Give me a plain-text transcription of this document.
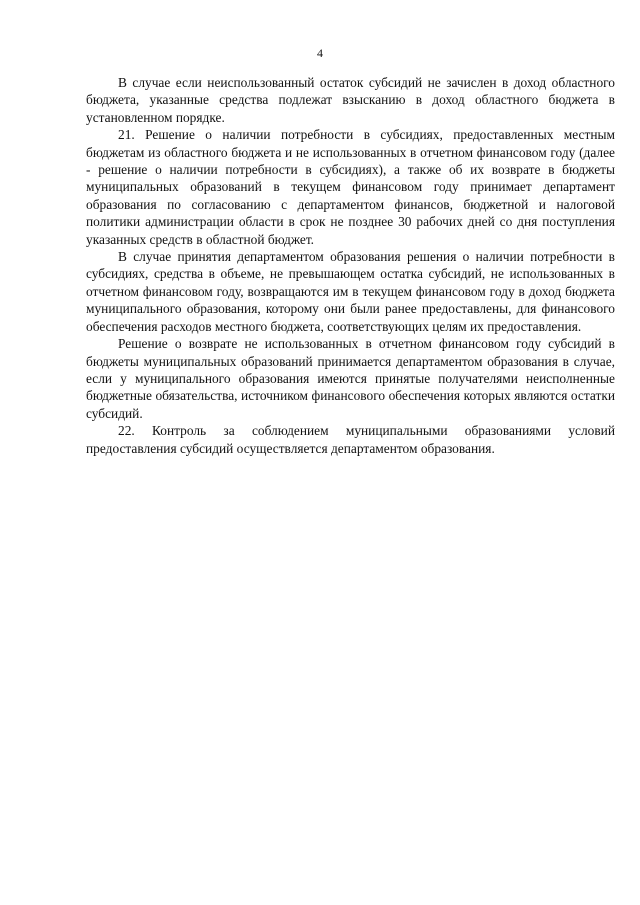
4

В случае если неиспользованный остаток субсидий не зачислен в доход областного бюджета, указанные средства подлежат взысканию в доход областного бюджета в установленном порядке.

21. Решение о наличии потребности в субсидиях, предоставленных местным бюджетам из областного бюджета и не использованных в отчетном финансовом году (далее - решение о наличии потребности в субсидиях), а также об их возврате в бюджеты муниципальных образований в текущем финансовом году принимает департамент образования по согласованию с департаментом финансов, бюджетной и налоговой политики администрации области в срок не позднее 30 рабочих дней со дня поступления указанных средств в областной бюджет.

В случае принятия департаментом образования решения о наличии потребности в субсидиях, средства в объеме, не превышающем остатка субсидий, не использованных в отчетном финансовом году, возвращаются им в текущем финансовом году в доход бюджета муниципального образования, которому они были ранее предоставлены, для финансового обеспечения расходов местного бюджета, соответствующих целям их предоставления.

Решение о возврате не использованных в отчетном финансовом году субсидий в бюджеты муниципальных образований принимается департаментом образования в случае, если у муниципального образования имеются принятые получателями неисполненные бюджетные обязательства, источником финансового обеспечения которых являются остатки субсидий.

22. Контроль за соблюдением муниципальными образованиями условий предоставления субсидий осуществляется департаментом образования.
